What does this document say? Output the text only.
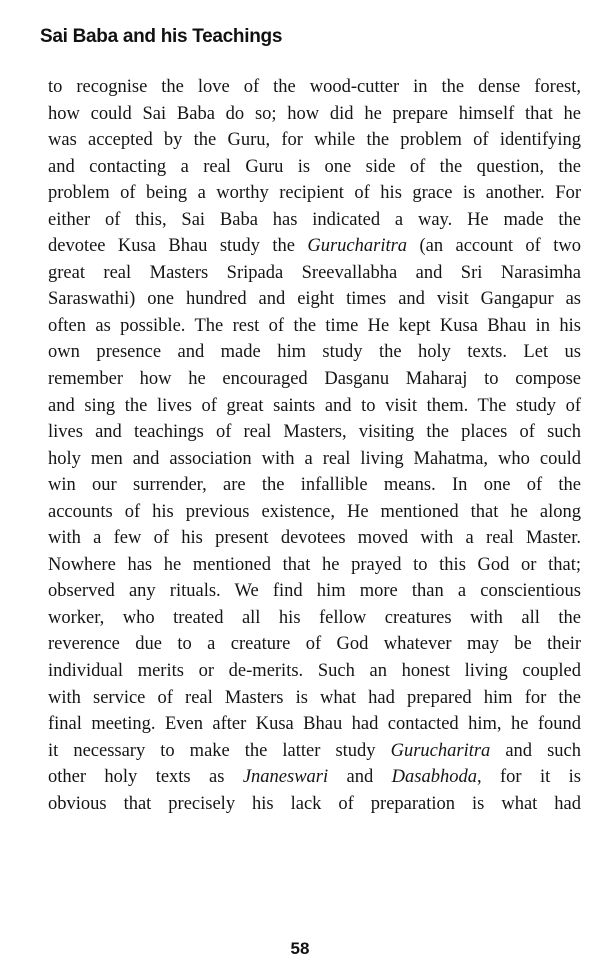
Sai Baba and his Teachings
to recognise the love of the wood-cutter in the dense forest,
how could Sai Baba do so; how did he prepare himself that he
was accepted by the Guru, for while the problem of identifying
and contacting a real Guru is one side of the question, the
problem of being a worthy recipient of his grace is another. For
either of this, Sai Baba has indicated a way. He made the
devotee Kusa Bhau study the Gurucharitra (an account of two
great real Masters Sripada Sreevallabha and Sri Narasimha
Saraswathi) one hundred and eight times and visit Gangapur as
often as possible. The rest of the time He kept Kusa Bhau in his
own presence and made him study the holy texts. Let us
remember how he encouraged Dasganu Maharaj to compose
and sing the lives of great saints and to visit them. The study of
lives and teachings of real Masters, visiting the places of such
holy men and association with a real living Mahatma, who could
win our surrender, are the infallible means. In one of the
accounts of his previous existence, He mentioned that he along
with a few of his present devotees moved with a real Master.
Nowhere has he mentioned that he prayed to this God or that;
observed any rituals. We find him more than a conscientious
worker, who treated all his fellow creatures with all the
reverence due to a creature of God whatever may be their
individual merits or de-merits. Such an honest living coupled
with service of real Masters is what had prepared him for the
final meeting. Even after Kusa Bhau had contacted him, he found
it necessary to make the latter study Gurucharitra and such
other holy texts as Jnaneswari and Dasabhoda, for it is
obvious that precisely his lack of preparation is what had
58
